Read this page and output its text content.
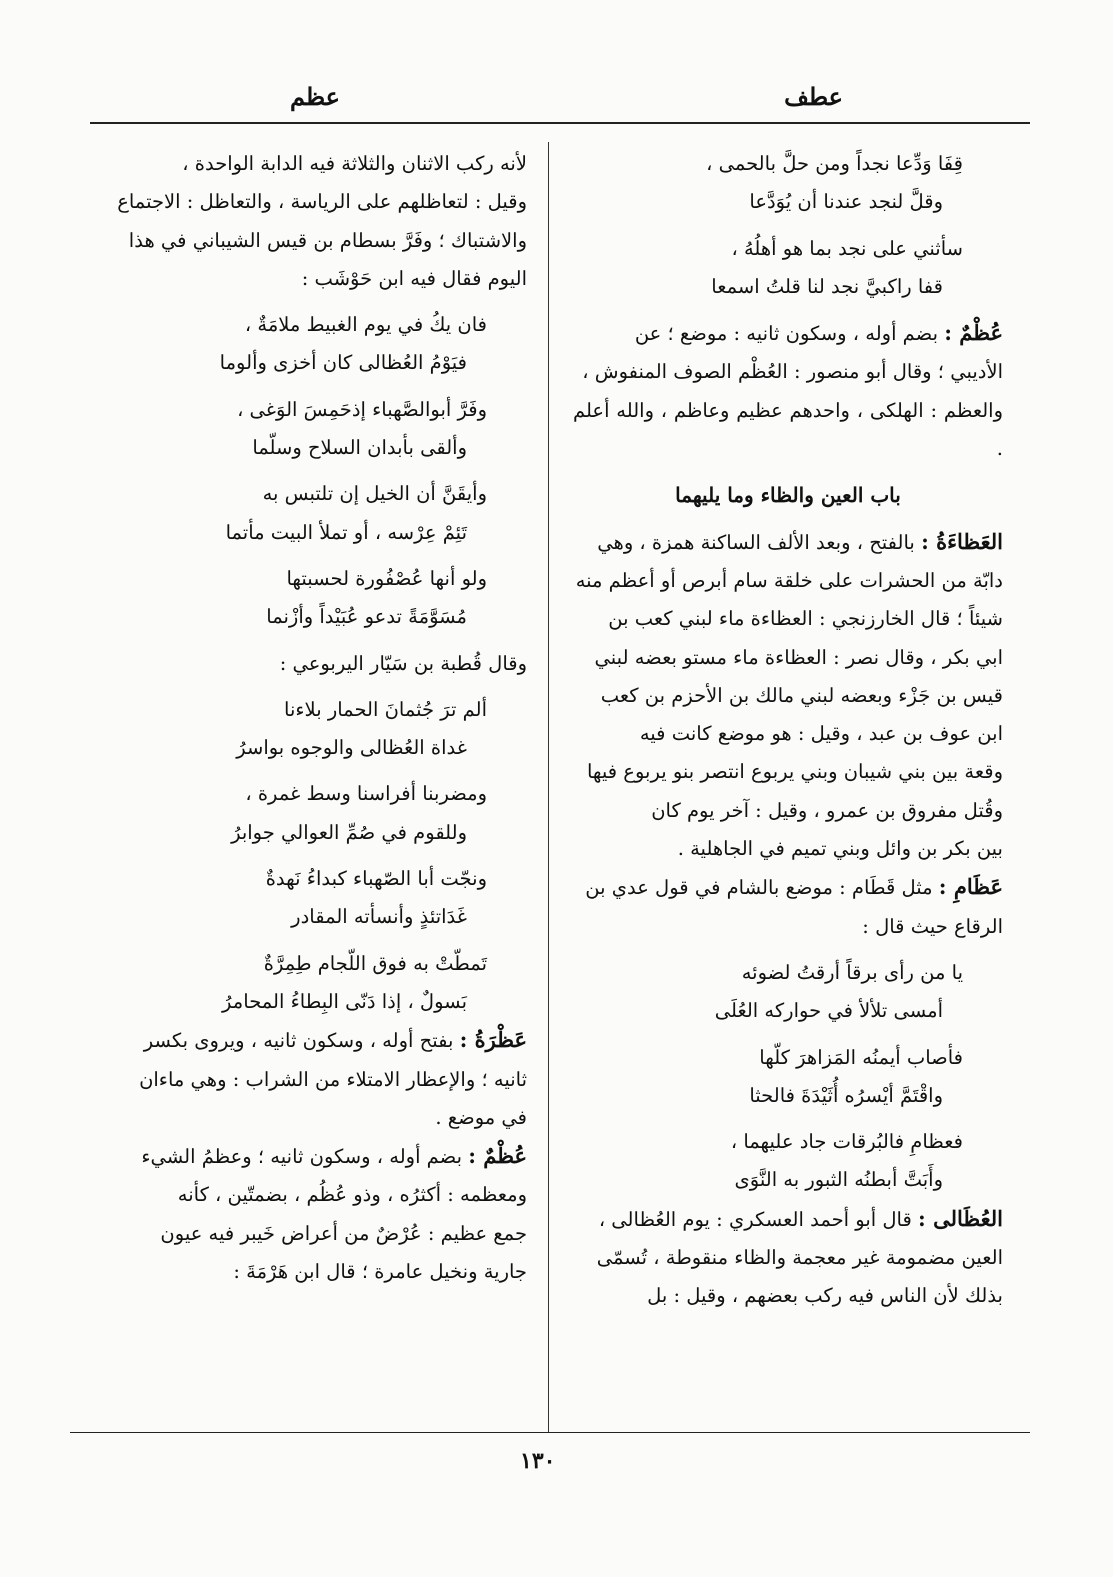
عطف
عظم

قِفَا وَدِّعا نجداً ومن حلَّ بالحمى ،

وقلَّ لنجد عندنا أن يُوَدَّعا

سأثني على نجد بما هو أهلُهُ ،

قفا راكبيَّ نجد لنا قلتُ اسمعا

عُظْمٌ : بضم أوله ، وسكون ثانيه : موضع ؛ عن

الأديبي ؛ وقال أبو منصور : العُظْم الصوف المنفوش ،

والعظم : الهلكى ، واحدهم عظيم وعاظم ، والله أعلم .

باب العين والظاء وما يليهما

العَظاءَةُ : بالفتح ، وبعد الألف الساكنة همزة ، وهي

دابّة من الحشرات على خلقة سام أبرص أو أعظم منه

شيئاً ؛ قال الخارزنجي : العظاءة ماء لبني كعب بن

ابي بكر ، وقال نصر : العظاءة ماء مستو بعضه لبني

قيس بن جَزْء وبعضه لبني مالك بن الأحزم بن كعب

ابن عوف بن عبد ، وقيل : هو موضع كانت فيه

وقعة بين بني شيبان وبني يربوع انتصر بنو يربوع فيها

وقُتل مفروق بن عمرو ، وقيل : آخر يوم كان

بين بكر بن وائل وبني تميم في الجاهلية .

عَظَامِ : مثل قَطَام : موضع بالشام في قول عدي بن

الرقاع حيث قال :

يا من رأى برقاً أرقتُ لضوئه

أمسى تلألأ في حواركه العُلَى

فأصاب أيمنُه المَزاهرَ كلّها

واقْتَمَّ أيْسرُه أُثَيْدَةَ فالحثا

فعظامِ فالبُرقات جاد عليهما ،

وأَبَتَّ أبطنُه الثبور به النَّوَى

العُظَالى : قال أبو أحمد العسكري : يوم العُظالى ،

العين مضمومة غير معجمة والظاء منقوطة ، تُسمّى

بذلك لأن الناس فيه ركب بعضهم ، وقيل : بل

لأنه ركب الاثنان والثلاثة فيه الدابة الواحدة ،

وقيل : لتعاظلهم على الرياسة ، والتعاظل : الاجتماع

والاشتباك ؛ وفَرَّ بسطام بن قيس الشيباني في هذا

اليوم فقال فيه ابن حَوْشَب :

فان يكُ في يوم الغبيط ملامَةٌ ،

فيَوْمُ العُظالى كان أخزى وألوما

وفَرَّ أبوالصَّهباء إذحَمِسَ الوَغى ،

وألقى بأبدان السلاح وسلّما

وأيقَنَّ أن الخيل إن تلتبس به

تَئِمْ عِرْسه ، أو تملأ البيت مأتما

ولو أنها عُصْفُورة لحسبتها

مُسَوَّمَةً تدعو عُبَيْداً وأزْنما

وقال قُطبة بن سَيّار اليربوعي :

ألم ترَ جُثمانَ الحمار بلاءنا

غداة العُظالى والوجوه بواسرُ

ومضربنا أفراسنا وسط غمرة ،

وللقوم في صُمِّ العوالي جوابرُ

ونجّت أبا الصّهباء كبداءُ نَهدةٌ

غَدَاتئذٍ وأنسأته المقادر

تَمطّتْ به فوق اللّجام طِمِرَّةٌ

بَسولٌ ، إذا دَنّى البِطاءُ المحامرُ

عَظْرَةُ : بفتح أوله ، وسكون ثانيه ، ويروى بكسر

ثانيه ؛ والإعظار الامتلاء من الشراب : وهي ماءان

في موضع .

عُظْمٌ : بضم أوله ، وسكون ثانيه ؛ وعظمُ الشيء

ومعظمه : أكثرُه ، وذو عُظُم ، بضمتّين ، كأنه

جمع عظيم : عُرْضٌ من أعراض خَيبر فيه عيون

جارية ونخيل عامرة ؛ قال ابن هَرْمَةَ :

١٣٠
